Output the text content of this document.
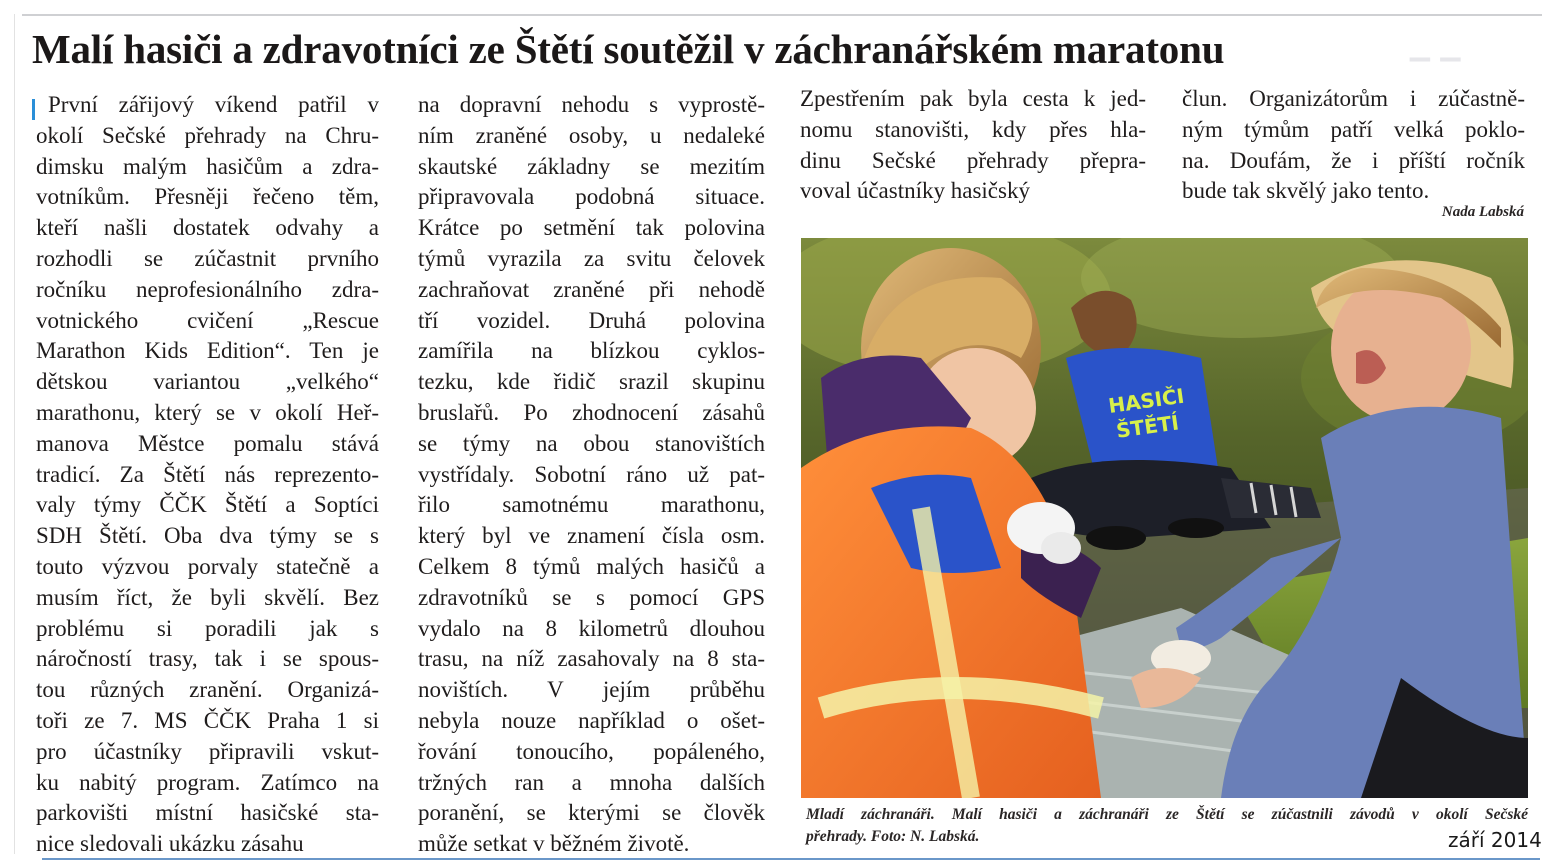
Malí hasiči a zdravotníci ze Štětí soutěžil v záchranářském maratonu	▁ ▁
První zářijový víkend patřil v
okolí Sečské přehrady na Chru-
dimsku malým hasičům a zdra-
votníkům. Přesněji řečeno těm,
kteří našli dostatek odvahy a
rozhodli se zúčastnit prvního
ročníku neprofesionálního zdra-
votnického cvičení „Rescue
Marathon Kids Edition“. Ten je
dětskou variantou „velkého“
marathonu, který se v okolí Heř-
manova Městce pomalu stává
tradicí. Za Štětí nás reprezento-
valy týmy ČČK Štětí a Soptíci
SDH Štětí. Oba dva týmy se s
touto výzvou porvaly statečně a
musím říct, že byli skvělí. Bez
problému si poradili jak s
náročností trasy, tak i se spous-
tou různých zranění. Organizá-
toři ze 7. MS ČČK Praha 1 si
pro účastníky připravili vskut-
ku nabitý program. Zatímco na
parkovišti místní hasičské sta-
nice sledovali ukázku zásahu
na dopravní nehodu s vyprostě-
ním zraněné osoby, u nedaleké
skautské základny se mezitím
připravovala podobná situace.
Krátce po setmění tak polovina
týmů vyrazila za svitu čelovek
zachraňovat zraněné při nehodě
tří vozidel. Druhá polovina
zamířila na blízkou cyklos-
tezku, kde řidič srazil skupinu
bruslařů. Po zhodnocení zásahů
se týmy na obou stanovištích
vystřídaly. Sobotní ráno už pat-
řilo samotnému marathonu,
který byl ve znamení čísla osm.
Celkem 8 týmů malých hasičů a
zdravotníků se s pomocí GPS
vydalo na 8 kilometrů dlouhou
trasu, na níž zasahovaly na 8 sta-
novištích. V jejím průběhu
nebyla nouze například o ošet-
řování tonoucího, popáleného,
tržných ran a mnoha dalších
poranění, se kterými se člověk
může setkat v běžném životě.
Zpestřením pak byla cesta k jed-
nomu stanovišti, kdy přes hla-
dinu Sečské přehrady přepra-
voval účastníky hasičský
člun. Organizátorům i zúčastně-
ným týmům patří velká poklo-
na. Doufám, že i příští ročník
bude tak skvělý jako tento.
Nada Labská
HASIČI
ŠTĚTÍ

Mladí záchranáři. Malí hasiči a záchranáři ze Štětí se zúčastnili závodů v okolí Sečské
přehrady. Foto: N. Labská.	září 2014
